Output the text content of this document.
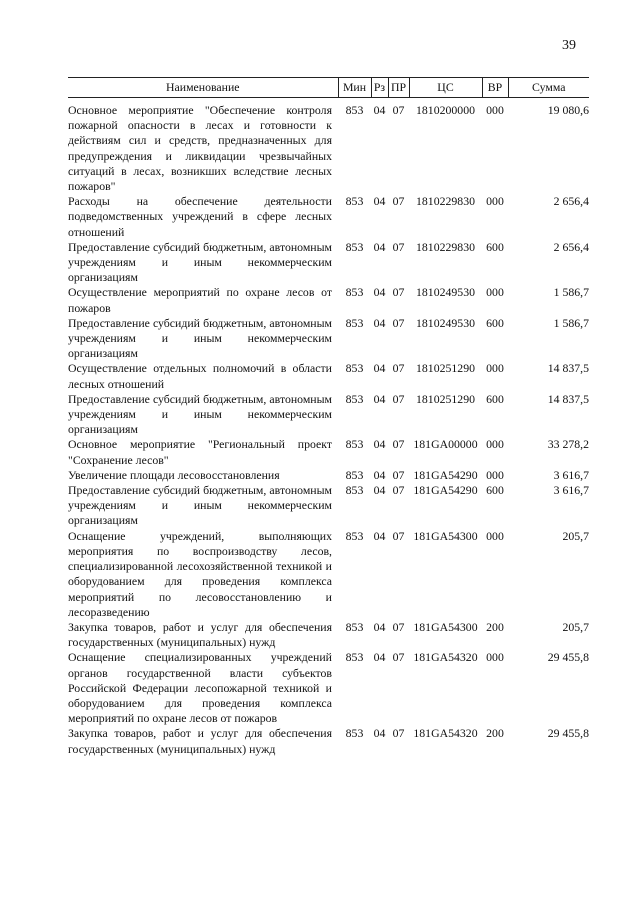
39
Наименование	Мин	Рз	ПР	ЦС	ВР	Сумма
Основное мероприятие "Обеспечение контроля пожарной опасности в лесах и готовности к действиям сил и средств, предназначенных для предупреждения и ликвидации чрезвычайных ситуаций в лесах, возникших вследствие лесных пожаров"	853	04	07	1810200000	000	19 080,6
Расходы на обеспечение деятельности подведомственных учреждений в сфере лесных отношений	853	04	07	1810229830	000	2 656,4
Предоставление субсидий бюджетным, автономным учреждениям и иным некоммерческим организациям	853	04	07	1810229830	600	2 656,4
Осуществление мероприятий по охране лесов от пожаров	853	04	07	1810249530	000	1 586,7
Предоставление субсидий бюджетным, автономным учреждениям и иным некоммерческим организациям	853	04	07	1810249530	600	1 586,7
Осуществление отдельных полномочий в области лесных отношений	853	04	07	1810251290	000	14 837,5
Предоставление субсидий бюджетным, автономным учреждениям и иным некоммерческим организациям	853	04	07	1810251290	600	14 837,5
Основное мероприятие "Региональный проект "Сохранение лесов"	853	04	07	181GA00000	000	33 278,2
Увеличение площади лесовосстановления	853	04	07	181GA54290	000	3 616,7
Предоставление субсидий бюджетным, автономным учреждениям и иным некоммерческим организациям	853	04	07	181GA54290	600	3 616,7
Оснащение учреждений, выполняющих мероприятия по воспроизводству лесов, специализированной лесохозяйственной техникой и оборудованием для проведения комплекса мероприятий по лесовосстановлению и лесоразведению	853	04	07	181GA54300	000	205,7
Закупка товаров, работ и услуг для обеспечения государственных (муниципальных) нужд	853	04	07	181GA54300	200	205,7
Оснащение специализированных учреждений органов государственной власти субъектов Российской Федерации лесопожарной техникой и оборудованием для проведения комплекса мероприятий по охране лесов от пожаров	853	04	07	181GA54320	000	29 455,8
Закупка товаров, работ и услуг для обеспечения государственных (муниципальных) нужд	853	04	07	181GA54320	200	29 455,8
